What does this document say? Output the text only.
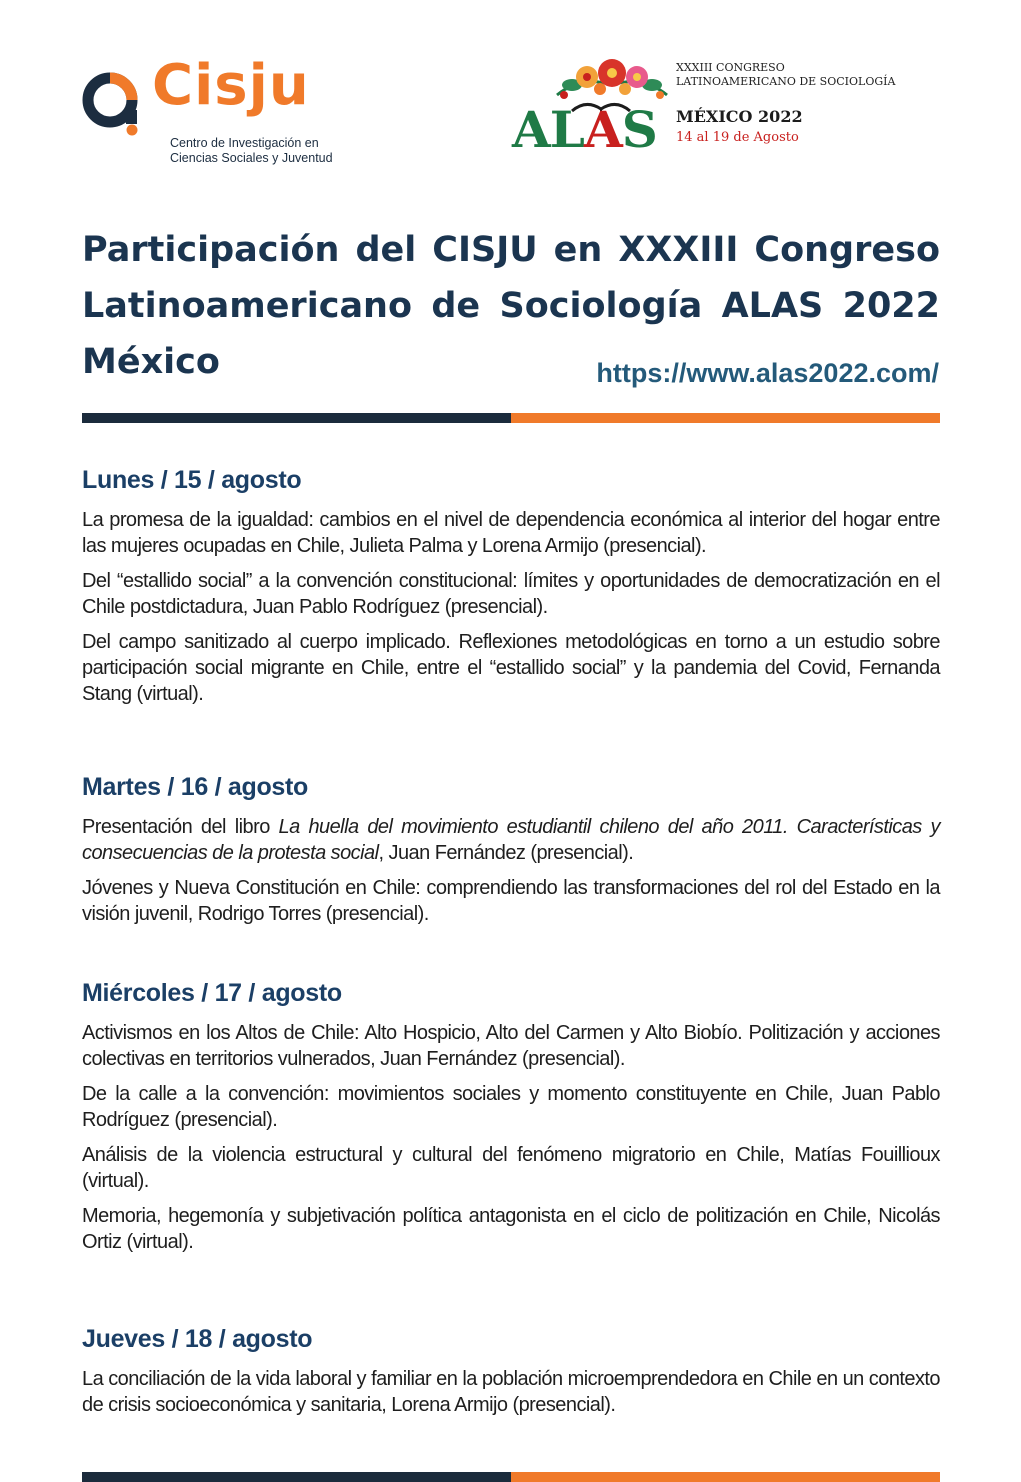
Cisju
Centro de Investigación en
Ciencias Sociales y Juventud	ALAS
XXXIII CONGRESO
LATINOAMERICANO DE SOCIOLOGÍA
MÉXICO 2022
14 al 19 de Agosto
Participación del CISJU en XXXIII Congreso Latinoamericano de Sociología ALAS 2022 México	https://www.alas2022.com/
Lunes / 15 / agosto

La promesa de la igualdad: cambios en el nivel de dependencia económica al interior del hogar entre las mujeres ocupadas en Chile, Julieta Palma y Lorena Armijo (presencial).

Del “estallido social” a la convención constitucional: límites y oportunidades de democratización en el Chile postdictadura, Juan Pablo Rodríguez (presencial).

Del campo sanitizado al cuerpo implicado. Reflexiones metodológicas en torno a un estudio sobre participación social migrante en Chile, entre el “estallido social” y la pandemia del Covid, Fernanda Stang (virtual).

Martes / 16 / agosto

Presentación del libro La huella del movimiento estudiantil chileno del año 2011. Características y consecuencias de la protesta social, Juan Fernández (presencial).

Jóvenes y Nueva Constitución en Chile: comprendiendo las transformaciones del rol del Estado en la visión juvenil, Rodrigo Torres (presencial).

Miércoles / 17 / agosto

Activismos en los Altos de Chile: Alto Hospicio, Alto del Carmen y Alto Biobío. Politización y acciones colectivas en territorios vulnerados, Juan Fernández (presencial).

De la calle a la convención: movimientos sociales y momento constituyente en Chile, Juan Pablo Rodríguez (presencial).

Análisis de la violencia estructural y cultural del fenómeno migratorio en Chile, Matías Fouillioux (virtual).

Memoria, hegemonía y subjetivación política antagonista en el ciclo de politización en Chile, Nicolás Ortiz (virtual).

Jueves / 18 / agosto

La conciliación de la vida laboral y familiar en la población microemprendedora en Chile en un contexto de crisis socioeconómica y sanitaria, Lorena Armijo (presencial).
